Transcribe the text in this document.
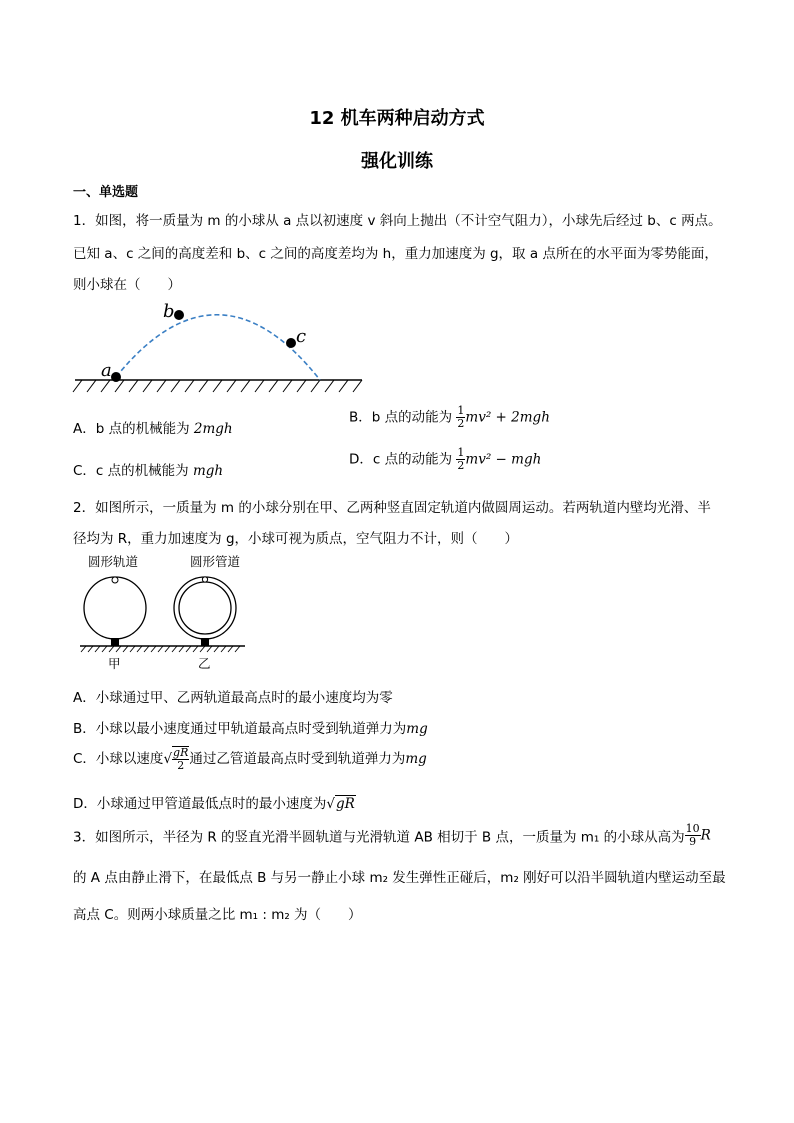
12 机车两种启动方式
强化训练
一、单选题
1．如图，将一质量为 m 的小球从 a 点以初速度 v 斜向上抛出（不计空气阻力），小球先后经过 b、c 两点。
已知 a、c 之间的高度差和 b、c 之间的高度差均为 h，重力加速度为 g，取 a 点所在的水平面为零势能面，
则小球在（　　）
a
b
c
A．b 点的机械能为 2mgh
B．b 点的动能为 $\frac{1}{2} mv^2 + 2mgh$
C．c 点的机械能为 mgh
D．c 点的动能为 $\frac{1}{2} mv^2$ − mgh
2．如图所示，一质量为 m 的小球分别在甲、乙两种竖直固定轨道内做圆周运动。若两轨道内壁均光滑、半
径均为 R，重力加速度为 g，小球可视为质点，空气阻力不计，则（　　）
圆形轨道	圆形管道
甲	乙
A．小球通过甲、乙两轨道最高点时的最小速度均为零
B．小球以最小速度通过甲轨道最高点时受到轨道弹力为mg
C．小球以速度√ $\frac{gR}{2}$ 通过乙管道最高点时受到轨道弹力为mg
D．小球通过甲管道最低点时的最小速度为√gR
3．如图所示，半径为 R 的竖直光滑半圆轨道与光滑轨道 AB 相切于 B 点，一质量为 m₁ 的小球从高为 $\frac{10}{9}$ R
的 A 点由静止滑下，在最低点 B 与另一静止小球 m₂ 发生弹性正碰后，m₂ 刚好可以沿半圆轨道内壁运动至最
高点 C。则两小球质量之比 m₁ : m₂ 为（　　）
